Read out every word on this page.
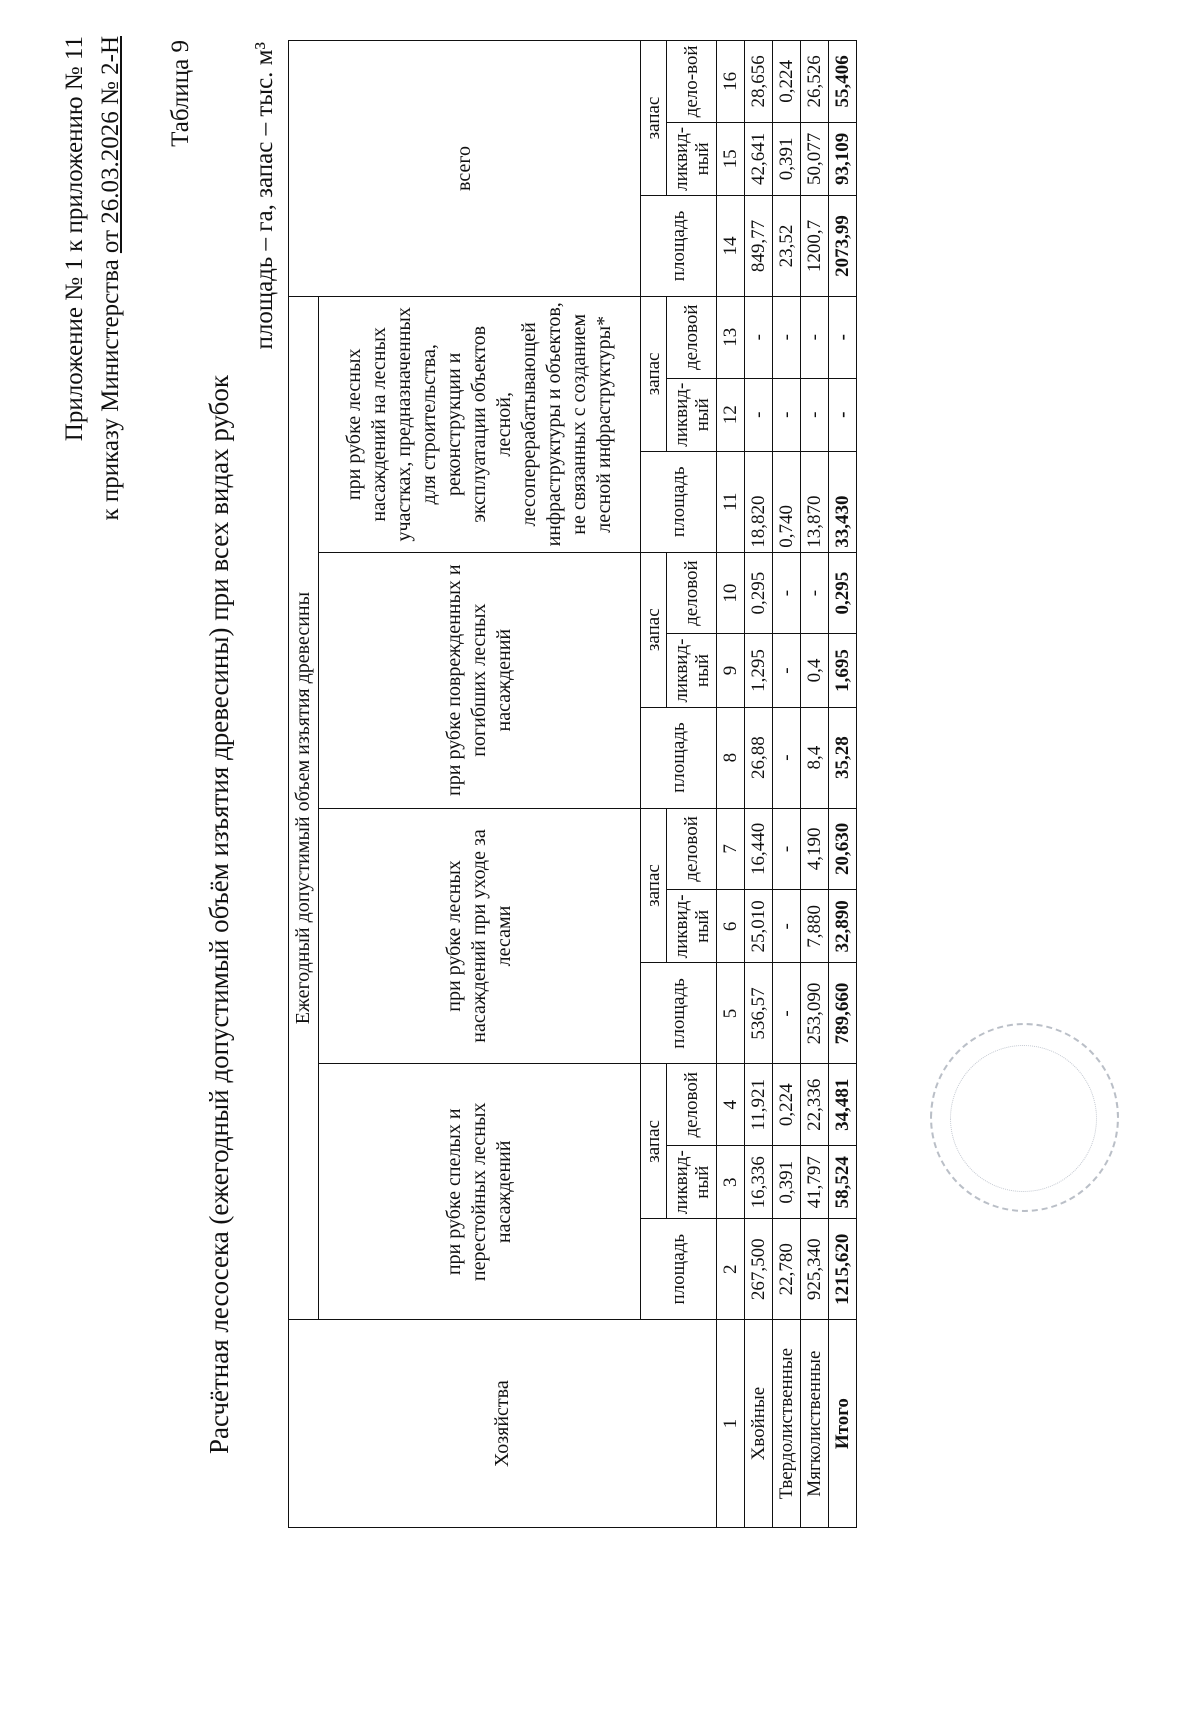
Приложение № 1 к приложению № 11 к приказу Министерства от 26.03.2026 № 2-Н Таблица 9
Расчётная лесосека (ежегодный допустимый объём изъятия древесины) при всех видах рубок
площадь – га, запас – тыс. м³
Хозяйства	Ежегодный допустимый объем изъятия древесины												всего		
	при рубке спелых и перестойных лесных насаждений			при рубке лесных насаждений при уходе за лесами			при рубке поврежденных и погибших лесных насаждений			при рубке лесных насаждений на лесных участках, предназначенных для строительства, реконструкции и эксплуатации объектов лесной, лесоперерабатывающей инфраструктуры и объектов, не связанных с созданием лесной инфраструктуры*					
	площадь	запас		площадь	запас		площадь	запас		площадь	запас		площадь	запас	
		ликвид-ный	деловой		ликвид-ный	деловой		ликвид-ный	деловой		ликвид-ный	деловой		ликвид-ный	дело-вой
1	2	3	4	5	6	7	8	9	10	11	12	13	14	15	16
Хвойные	267,500	16,336	11,921	536,57	25,010	16,440	26,88	1,295	0,295	18,820	-	-	849,77	42,641	28,656
Твердолиственные	22,780	0,391	0,224	-	-	-	-	-	-	0,740	-	-	23,52	0,391	0,224
Мягколиственные	925,340	41,797	22,336	253,090	7,880	4,190	8,4	0,4	-	13,870	-	-	1200,7	50,077	26,526
Итого	1215,620	58,524	34,481	789,660	32,890	20,630	35,28	1,695	0,295	33,430	-	-	2073,99	93,109	55,406
